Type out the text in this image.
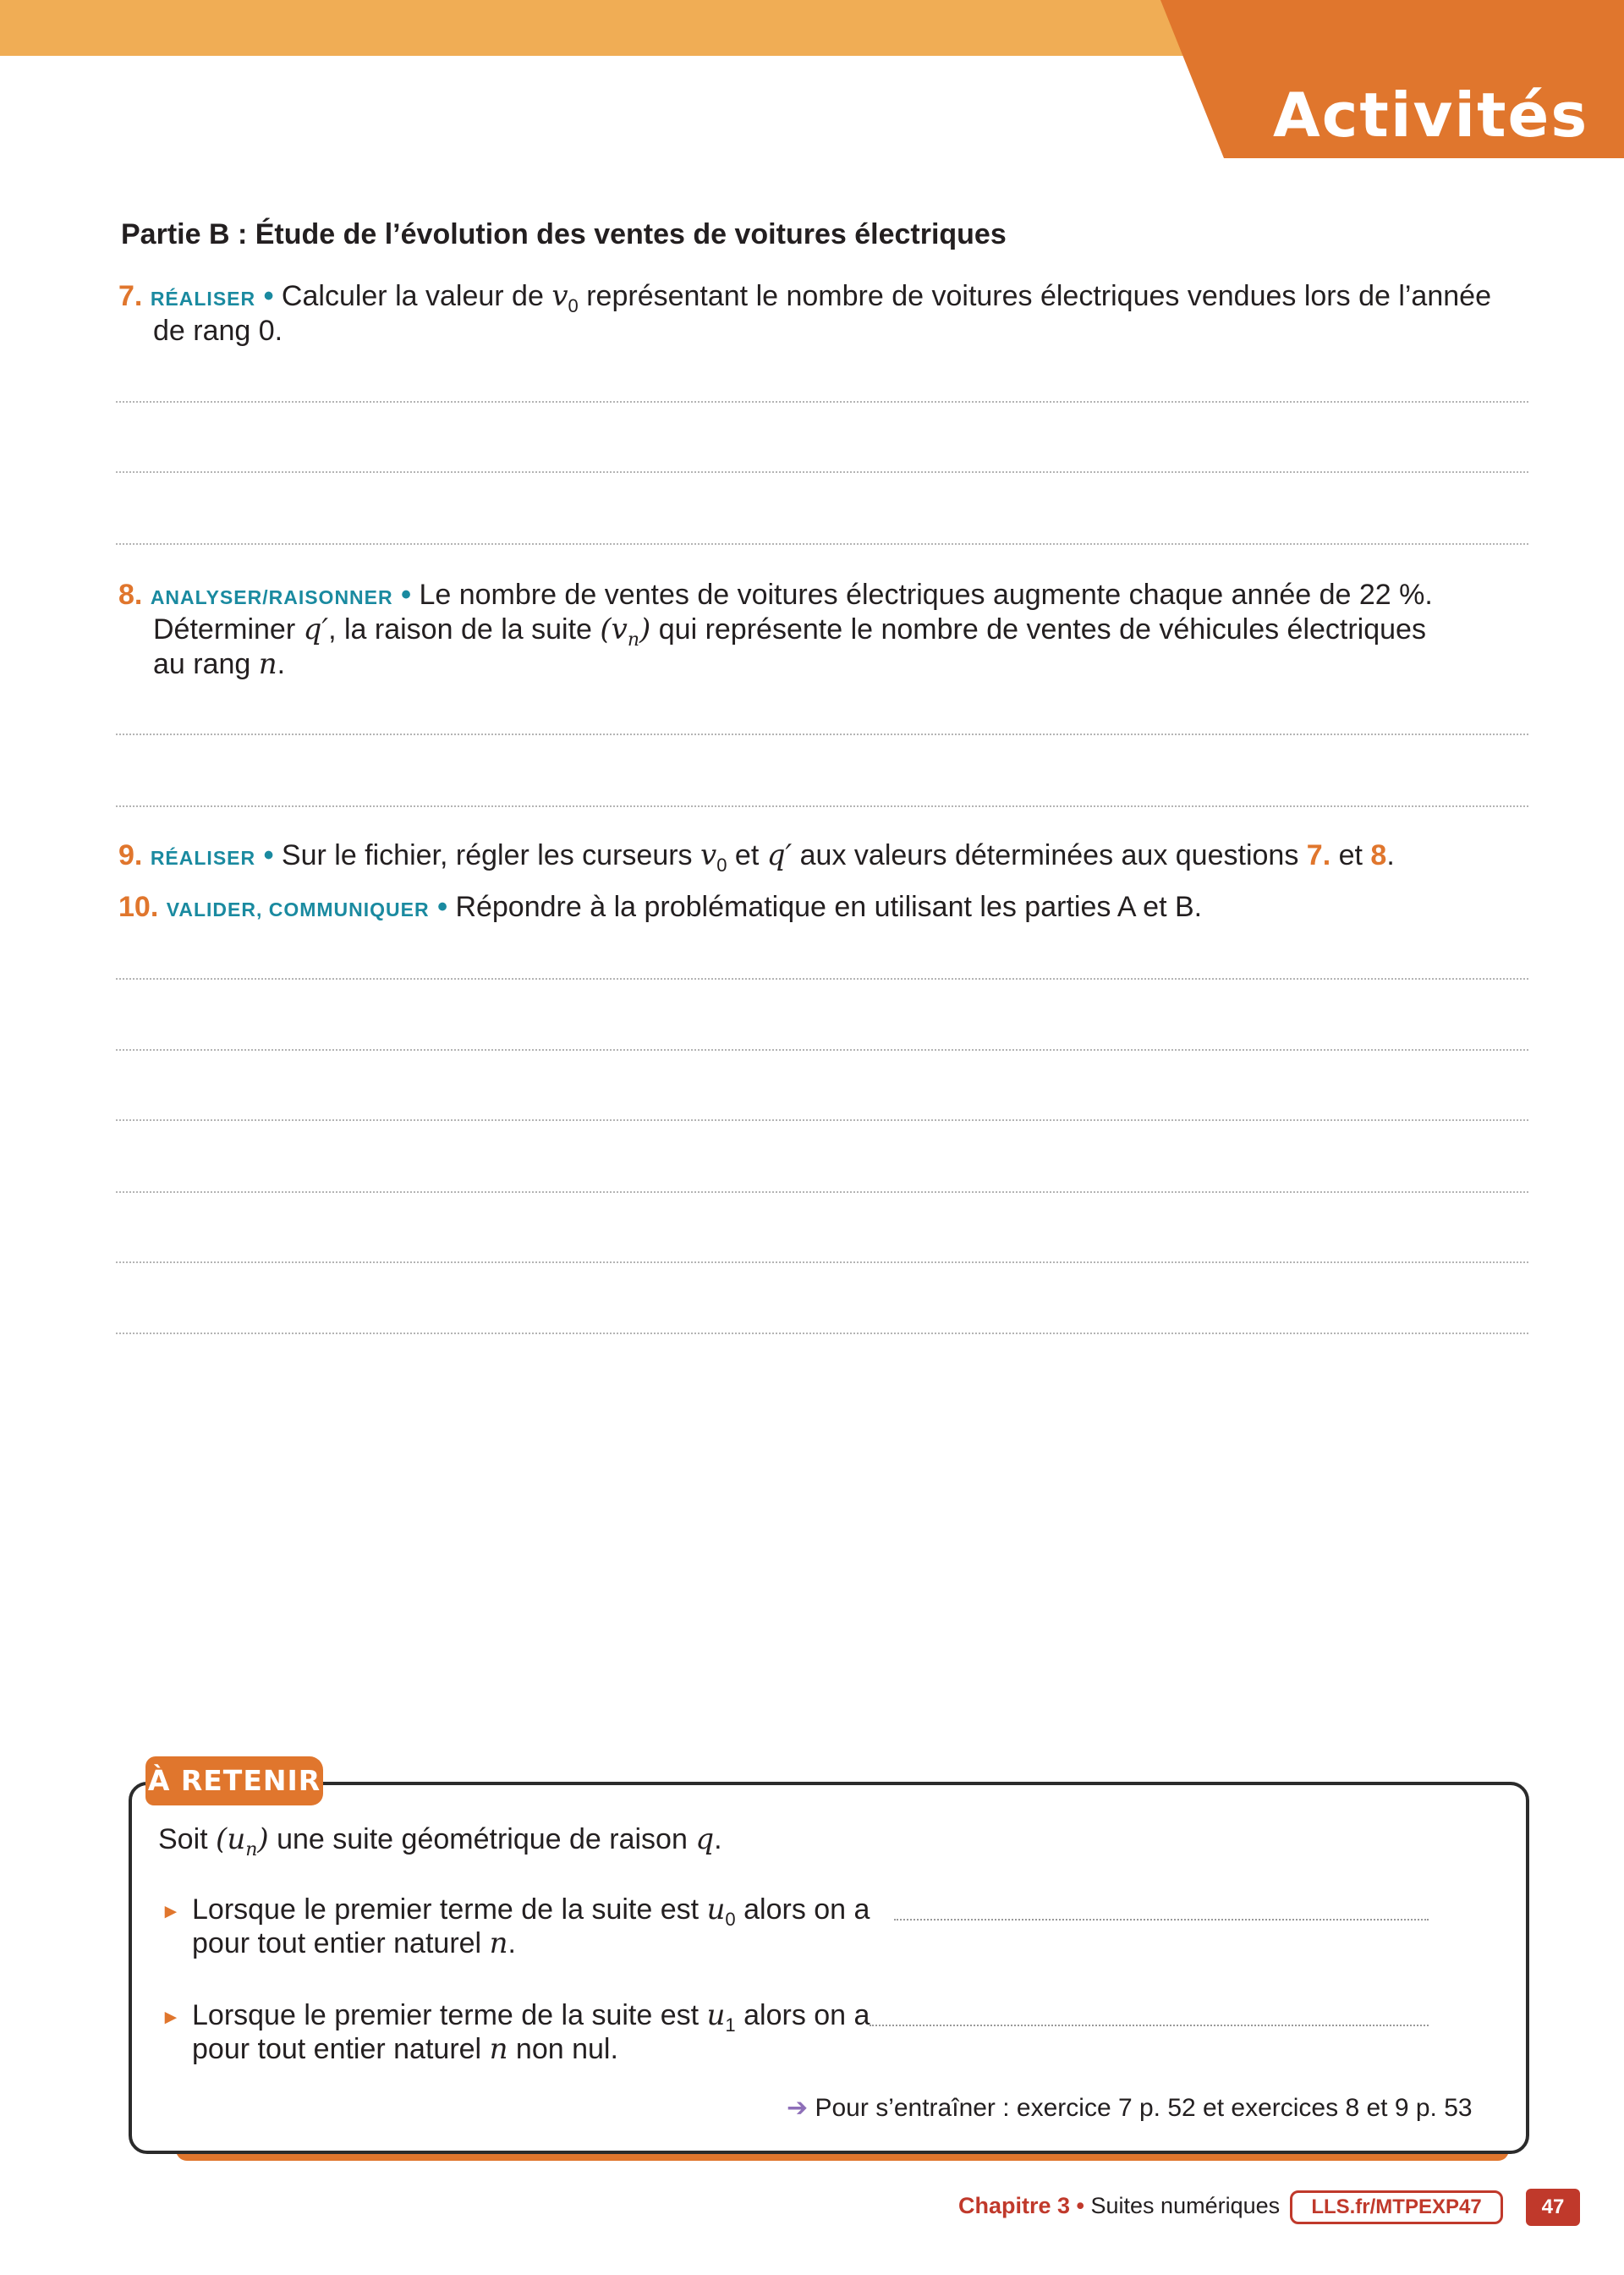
Activités
Partie B : Étude de l’évolution des ventes de voitures électriques
7. RÉALISER • Calculer la valeur de $v_0$ représentant le nombre de voitures électriques vendues lors de l’année
de rang 0.
8. ANALYSER/RAISONNER • Le nombre de ventes de voitures électriques augmente chaque année de 22 %.
Déterminer q′, la raison de la suite $(v_n)$ qui représente le nombre de ventes de véhicules électriques
au rang n.
9. RÉALISER • Sur le fichier, régler les curseurs $v_0$ et q′ aux valeurs déterminées aux questions 7. et 8.
10. VALIDER, COMMUNIQUER • Répondre à la problématique en utilisant les parties A et B.
À RETENIR
Soit $(u_n)$ une suite géométrique de raison q.
► Lorsque le premier terme de la suite est $u_0$ alors on a
pour tout entier naturel n.
► Lorsque le premier terme de la suite est $u_1$ alors on a
pour tout entier naturel n non nul.
➔ Pour s’entraîner : exercice 7 p. 52 et exercices 8 et 9 p. 53
Chapitre 3 • Suites numériques	LLS.fr/MTPEXP47	47
